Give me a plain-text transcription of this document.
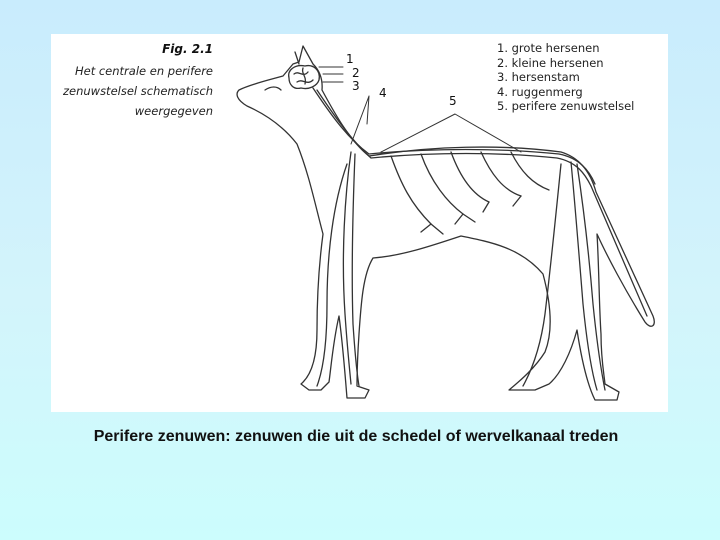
Fig. 2.1
Het centrale en perifere
zenuwstelsel schematisch
weergegeven
1. grote hersenen
2. kleine hersenen
3. hersenstam
4. ruggenmerg
5. perifere zenuwstelsel
1
2
3 4
5
Perifere zenuwen: zenuwen die uit de schedel of wervelkanaal treden
